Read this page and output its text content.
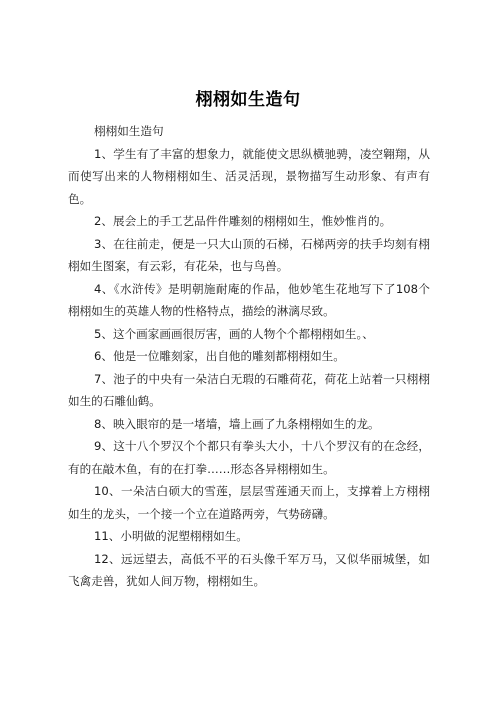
栩栩如生造句

栩栩如生造句

1、学生有了丰富的想象力，就能使文思纵横驰骋，凌空翱翔，从而使写出来的人物栩栩如生、活灵活现，景物描写生动形象、有声有色。

2、展会上的手工艺品件件雕刻的栩栩如生，惟妙惟肖的。

3、在往前走，便是一只大山顶的石梯，石梯两旁的扶手均刻有栩栩如生图案，有云彩，有花朵，也与鸟兽。

4、《水浒传》是明朝施耐庵的作品，他妙笔生花地写下了108个栩栩如生的英雄人物的性格特点，描绘的淋漓尽致。

5、这个画家画画很厉害，画的人物个个都栩栩如生。、

6、他是一位雕刻家，出自他的雕刻都栩栩如生。

7、池子的中央有一朵洁白无瑕的石雕荷花，荷花上站着一只栩栩如生的石雕仙鹤。

8、映入眼帘的是一堵墙，墙上画了九条栩栩如生的龙。

9、这十八个罗汉个个都只有拳头大小，十八个罗汉有的在念经，有的在敲木鱼，有的在打拳……形态各异栩栩如生。

10、一朵洁白硕大的雪莲，层层雪莲通天而上，支撑着上方栩栩如生的龙头，一个接一个立在道路两旁，气势磅礴。

11、小明做的泥塑栩栩如生。

12、远远望去，高低不平的石头像千军万马，又似华丽城堡，如飞禽走兽，犹如人间万物，栩栩如生。
